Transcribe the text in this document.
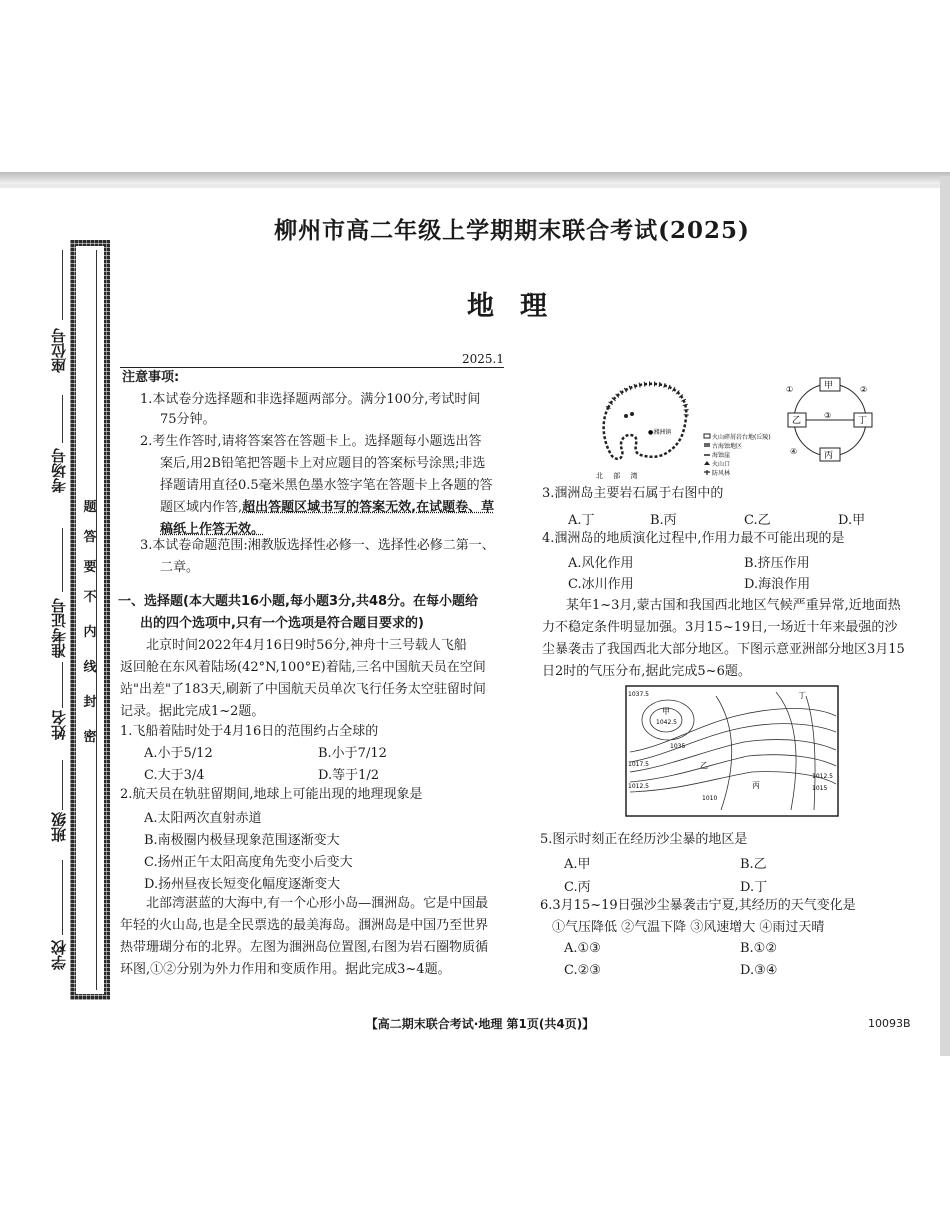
题
答
要
不
内
线
封
密
座位号
考场号
准考证号
姓名
班级
学校
柳州市高二年级上学期期末联合考试(2025)
地理
2025.1
注意事项:
1.本试卷分选择题和非选择题两部分。满分100分,考试时间
75分钟。
2.考生作答时,请将答案答在答题卡上。选择题每小题选出答
案后,用2B铅笔把答题卡上对应题目的答案标号涂黑;非选
择题请用直径0.5毫米黑色墨水签字笔在答题卡上各题的答
题区域内作答,超出答题区域书写的答案无效,在试题卷、草
稿纸上作答无效。
3.本试卷命题范围:湘教版选择性必修一、选择性必修二第一、
二章。
一、选择题(本大题共16小题,每小题3分,共48分。在每小题给
出的四个选项中,只有一个选项是符合题目要求的)
北京时间2022年4月16日9时56分,神舟十三号载人飞船
返回舱在东风着陆场(42°N,100°E)着陆,三名中国航天员在空间
站"出差"了183天,刷新了中国航天员单次飞行任务太空驻留时间
记录。据此完成1~2题。
1.飞船着陆时处于4月16日的范围约占全球的
A.小于5/12	B.小于7/12
C.大于3/4	D.等于1/2
2.航天员在轨驻留期间,地球上可能出现的地理现象是
A.太阳两次直射赤道
B.南极圈内极昼现象范围逐渐变大
C.扬州正午太阳高度角先变小后变大
D.扬州昼夜长短变化幅度逐渐变大
北部湾湛蓝的大海中,有一个心形小岛—涠洲岛。它是中国最
年轻的火山岛,也是全民票选的最美海岛。涠洲岛是中国乃至世界
热带珊瑚分布的北界。左图为涠洲岛位置图,右图为岩石圈物质循
环图,①②分别为外力作用和变质作用。据此完成3~4题。
●湘洲镇
北 部 湾
火山碎屑岩台地(丘陵)
古海蚀地区
海蚀崖
火山口
防风林
甲
乙	丁
丙
①	②
③
④
3.涠洲岛主要岩石属于右图中的
A.丁	B.丙	C.乙	D.甲
4.涠洲岛的地质演化过程中,作用力最不可能出现的是
A.风化作用	B.挤压作用
C.冰川作用	D.海浪作用
某年1~3月,蒙古国和我国西北地区气候严重异常,近地面热
力不稳定条件明显加强。3月15~19日,一场近十年来最强的沙
尘暴袭击了我国西北大部分地区。下图示意亚洲部分地区3月15
日2时的气压分布,据此完成5~6题。
1037.5
1042.5
甲
1035
1017.5
1012.5
乙
1010
1012.5
1015
丙
丁
5.图示时刻正在经历沙尘暴的地区是
A.甲	B.乙
C.丙	D.丁
6.3月15~19日强沙尘暴袭击宁夏,其经历的天气变化是
①气压降低 ②气温下降 ③风速增大 ④雨过天晴
A.①③	B.①②
C.②③	D.③④
【高二期末联合考试·地理 第1页(共4页)】	10093B
